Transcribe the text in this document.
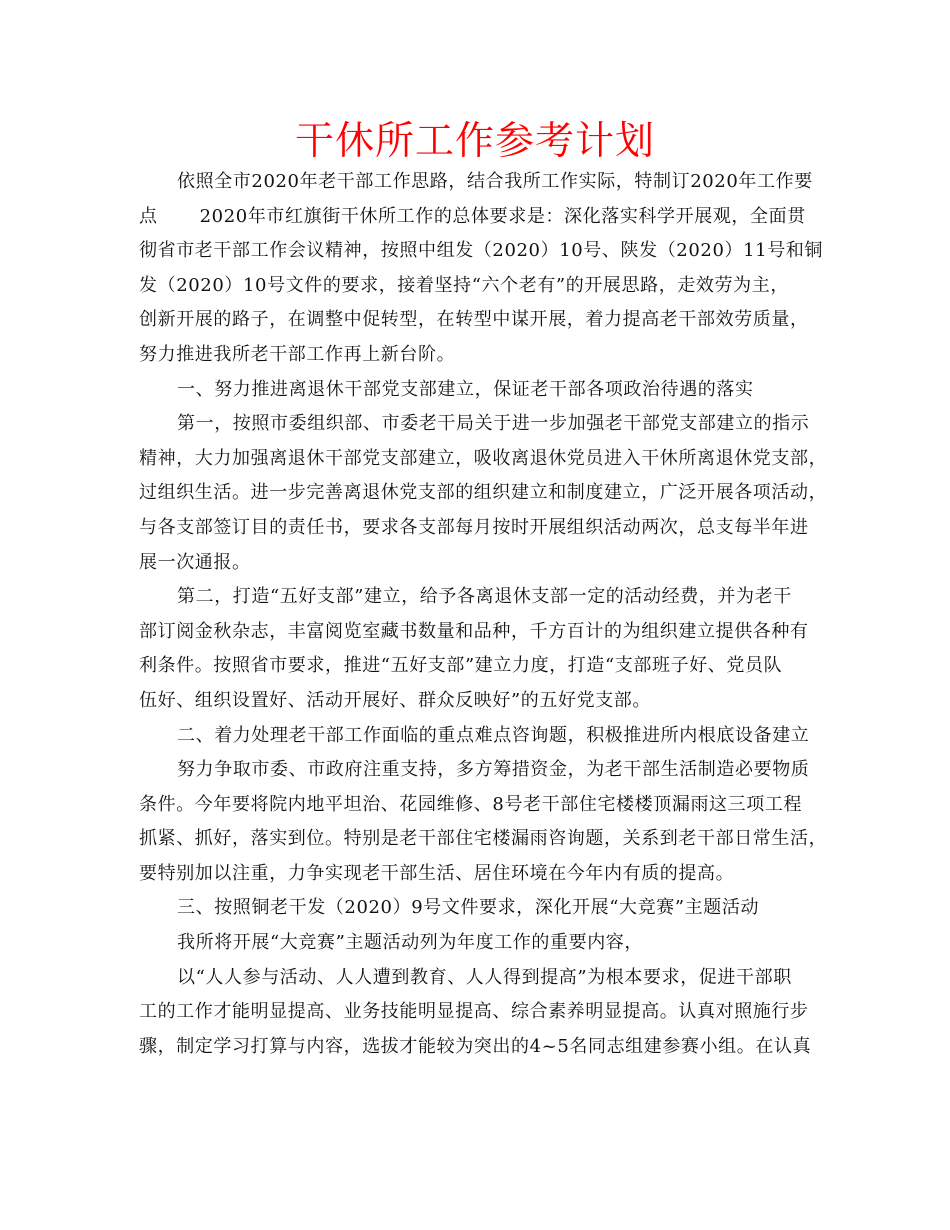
干休所工作参考计划

依照全市2020年老干部工作思路，结合我所工作实际，特制订2020年工作要
点 2020年市红旗街干休所工作的总体要求是：深化落实科学开展观，全面贯
彻省市老干部工作会议精神，按照中组发（2020）10号、陕发（2020）11号和铜
发（2020）10号文件的要求，接着坚持“六个老有”的开展思路，走效劳为主，
创新开展的路子，在调整中促转型，在转型中谋开展，着力提高老干部效劳质量，
努力推进我所老干部工作再上新台阶。

一、努力推进离退休干部党支部建立，保证老干部各项政治待遇的落实

第一，按照市委组织部、市委老干局关于进一步加强老干部党支部建立的指示
精神，大力加强离退休干部党支部建立，吸收离退休党员进入干休所离退休党支部，
过组织生活。进一步完善离退休党支部的组织建立和制度建立，广泛开展各项活动，
与各支部签订目的责任书，要求各支部每月按时开展组织活动两次，总支每半年进
展一次通报。

第二，打造“五好支部”建立，给予各离退休支部一定的活动经费，并为老干
部订阅金秋杂志，丰富阅览室藏书数量和品种，千方百计的为组织建立提供各种有
利条件。按照省市要求，推进“五好支部”建立力度，打造“支部班子好、党员队
伍好、组织设置好、活动开展好、群众反映好”的五好党支部。

二、着力处理老干部工作面临的重点难点咨询题，积极推进所内根底设备建立

努力争取市委、市政府注重支持，多方筹措资金，为老干部生活制造必要物质
条件。今年要将院内地平坦治、花园维修、8号老干部住宅楼楼顶漏雨这三项工程
抓紧、抓好，落实到位。特别是老干部住宅楼漏雨咨询题，关系到老干部日常生活，
要特别加以注重，力争实现老干部生活、居住环境在今年内有质的提高。

三、按照铜老干发（2020）9号文件要求，深化开展“大竞赛”主题活动

我所将开展“大竞赛”主题活动列为年度工作的重要内容，

以“人人参与活动、人人遭到教育、人人得到提高”为根本要求，促进干部职
工的工作才能明显提高、业务技能明显提高、综合素养明显提高。认真对照施行步
骤，制定学习打算与内容，选拔才能较为突出的4~5名同志组建参赛小组。在认真
